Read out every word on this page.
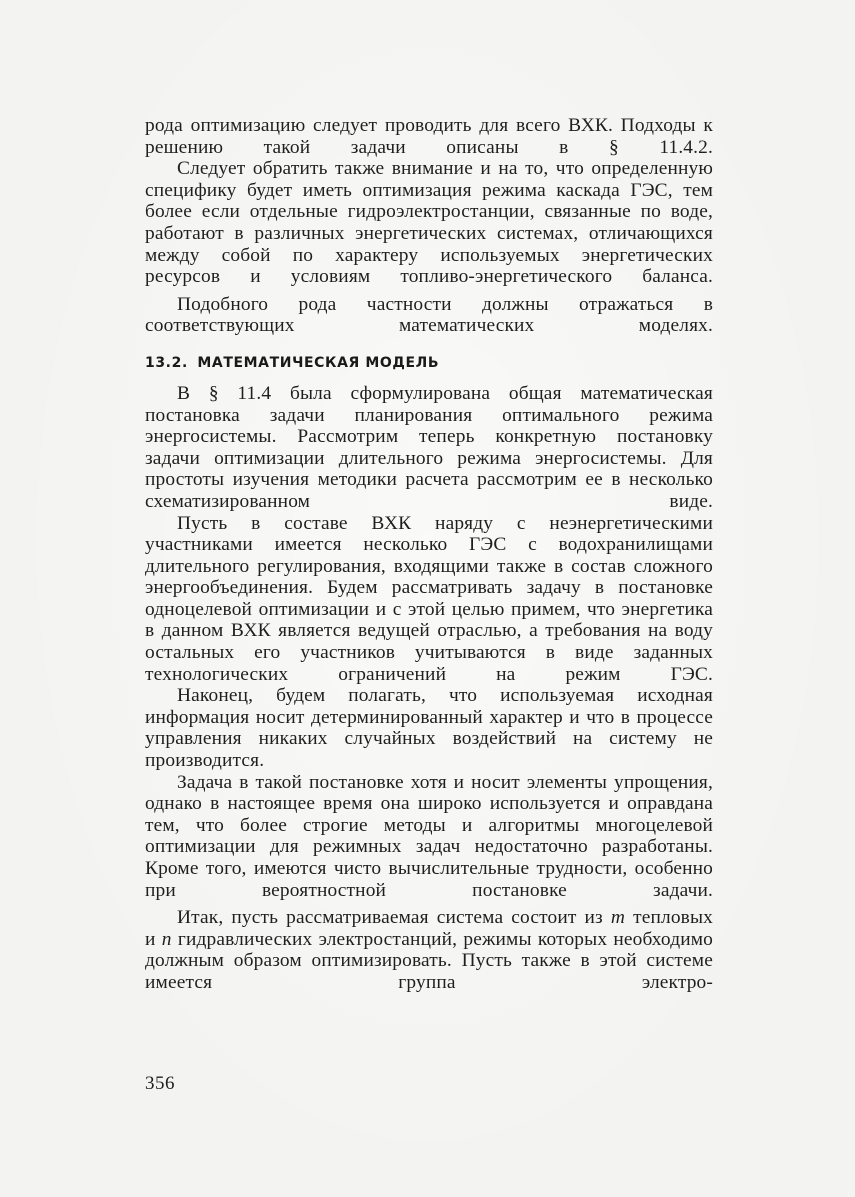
рода оптимизацию следует проводить для всего ВХК. Подходы к решению такой задачи описаны в § 11.4.2.

Следует обратить также внимание и на то, что определенную специфику будет иметь оптимизация режима каскада ГЭС, тем более если отдельные гидроэлектростанции, связанные по воде, работают в различных энергетических системах, отличающихся между собой по характеру используемых энергетических ресурсов и условиям топливо-энергетического баланса.

Подобного рода частности должны отражаться в соответствующих математических моделях.

13.2. МАТЕМАТИЧЕСКАЯ МОДЕЛЬ

В § 11.4 была сформулирована общая математическая постановка задачи планирования оптимального режима энергосистемы. Рассмотрим теперь конкретную постановку задачи оптимизации длительного режима энергосистемы. Для простоты изучения методики расчета рассмотрим ее в несколько схематизированном виде.

Пусть в составе ВХК наряду с неэнергетическими участниками имеется несколько ГЭС с водохранилищами длительного регулирования, входящими также в состав сложного энергообъединения. Будем рассматривать задачу в постановке одноцелевой оптимизации и с этой целью примем, что энергетика в данном ВХК является ведущей отраслью, а требования на воду остальных его участников учитываются в виде заданных технологических ограничений на режим ГЭС.

Наконец, будем полагать, что используемая исходная информация носит детерминированный характер и что в процессе управления никаких случайных воздействий на систему не производится.

Задача в такой постановке хотя и носит элементы упрощения, однако в настоящее время она широко используется и оправдана тем, что более строгие методы и алгоритмы многоцелевой оптимизации для режимных задач недостаточно разработаны. Кроме того, имеются чисто вычислительные трудности, особенно при вероятностной постановке задачи.

Итак, пусть рассматриваемая система состоит из m тепловых и n гидравлических электростанций, режимы которых необходимо должным образом оптимизировать. Пусть также в этой системе имеется группа электро-

356
